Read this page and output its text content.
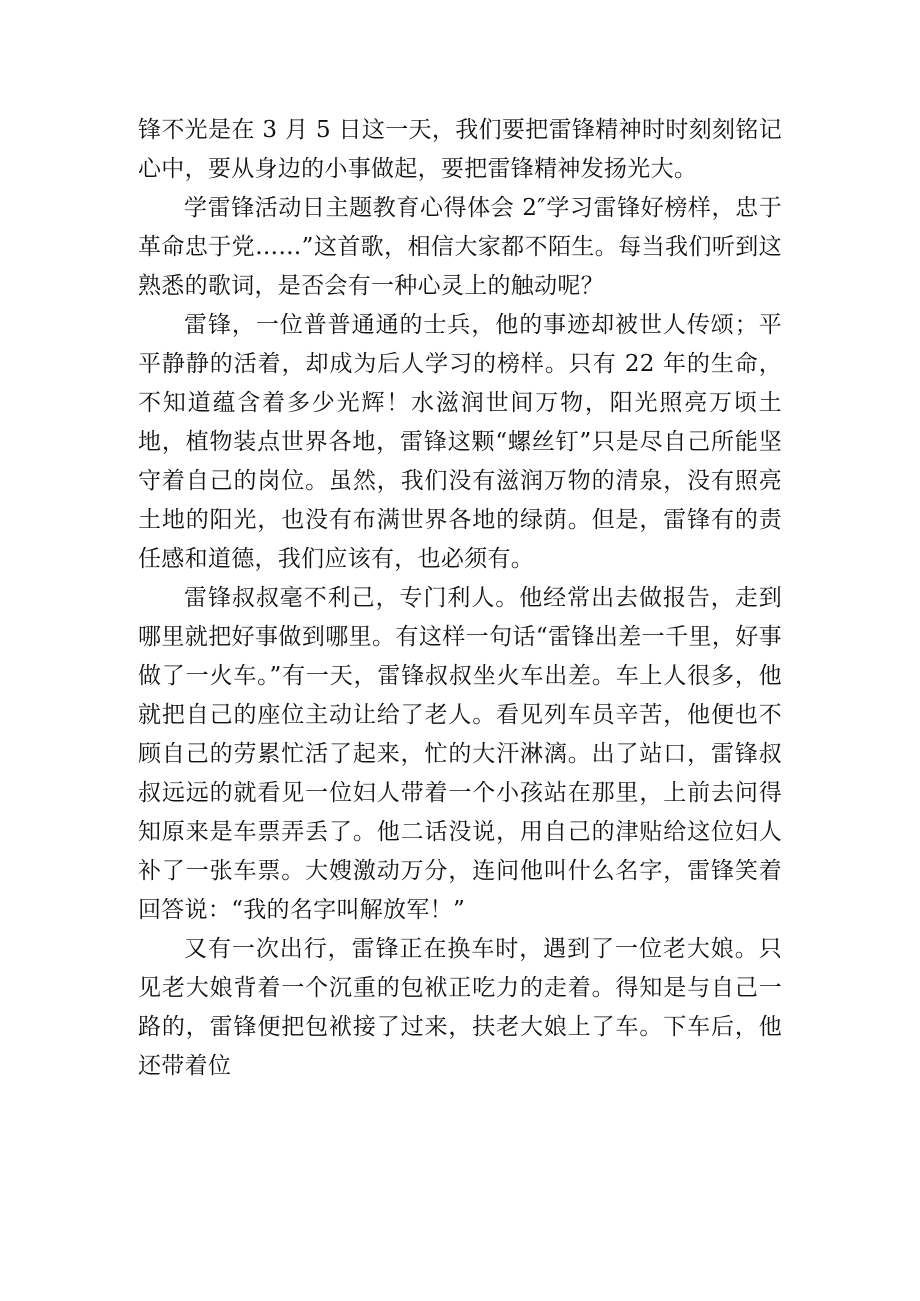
锋不光是在 3 月 5 日这一天，我们要把雷锋精神时时刻刻铭记心中，要从身边的小事做起，要把雷锋精神发扬光大。

学雷锋活动日主题教育心得体会 2″学习雷锋好榜样，忠于革命忠于党……”这首歌，相信大家都不陌生。每当我们听到这熟悉的歌词，是否会有一种心灵上的触动呢？

雷锋，一位普普通通的士兵，他的事迹却被世人传颂；平平静静的活着，却成为后人学习的榜样。只有 22 年的生命，不知道蕴含着多少光辉！水滋润世间万物，阳光照亮万顷土地，植物装点世界各地，雷锋这颗“螺丝钉”只是尽自己所能坚守着自己的岗位。虽然，我们没有滋润万物的清泉，没有照亮土地的阳光，也没有布满世界各地的绿荫。但是，雷锋有的责任感和道德，我们应该有，也必须有。

雷锋叔叔毫不利己，专门利人。他经常出去做报告，走到哪里就把好事做到哪里。有这样一句话“雷锋出差一千里，好事做了一火车。”有一天，雷锋叔叔坐火车出差。车上人很多，他就把自己的座位主动让给了老人。看见列车员辛苦，他便也不顾自己的劳累忙活了起来，忙的大汗淋漓。出了站口，雷锋叔叔远远的就看见一位妇人带着一个小孩站在那里，上前去问得知原来是车票弄丢了。他二话没说，用自己的津贴给这位妇人补了一张车票。大嫂激动万分，连问他叫什么名字，雷锋笑着回答说：“我的名字叫解放军！”

又有一次出行，雷锋正在换车时，遇到了一位老大娘。只见老大娘背着一个沉重的包袱正吃力的走着。得知是与自己一路的，雷锋便把包袱接了过来，扶老大娘上了车。下车后，他还带着位
